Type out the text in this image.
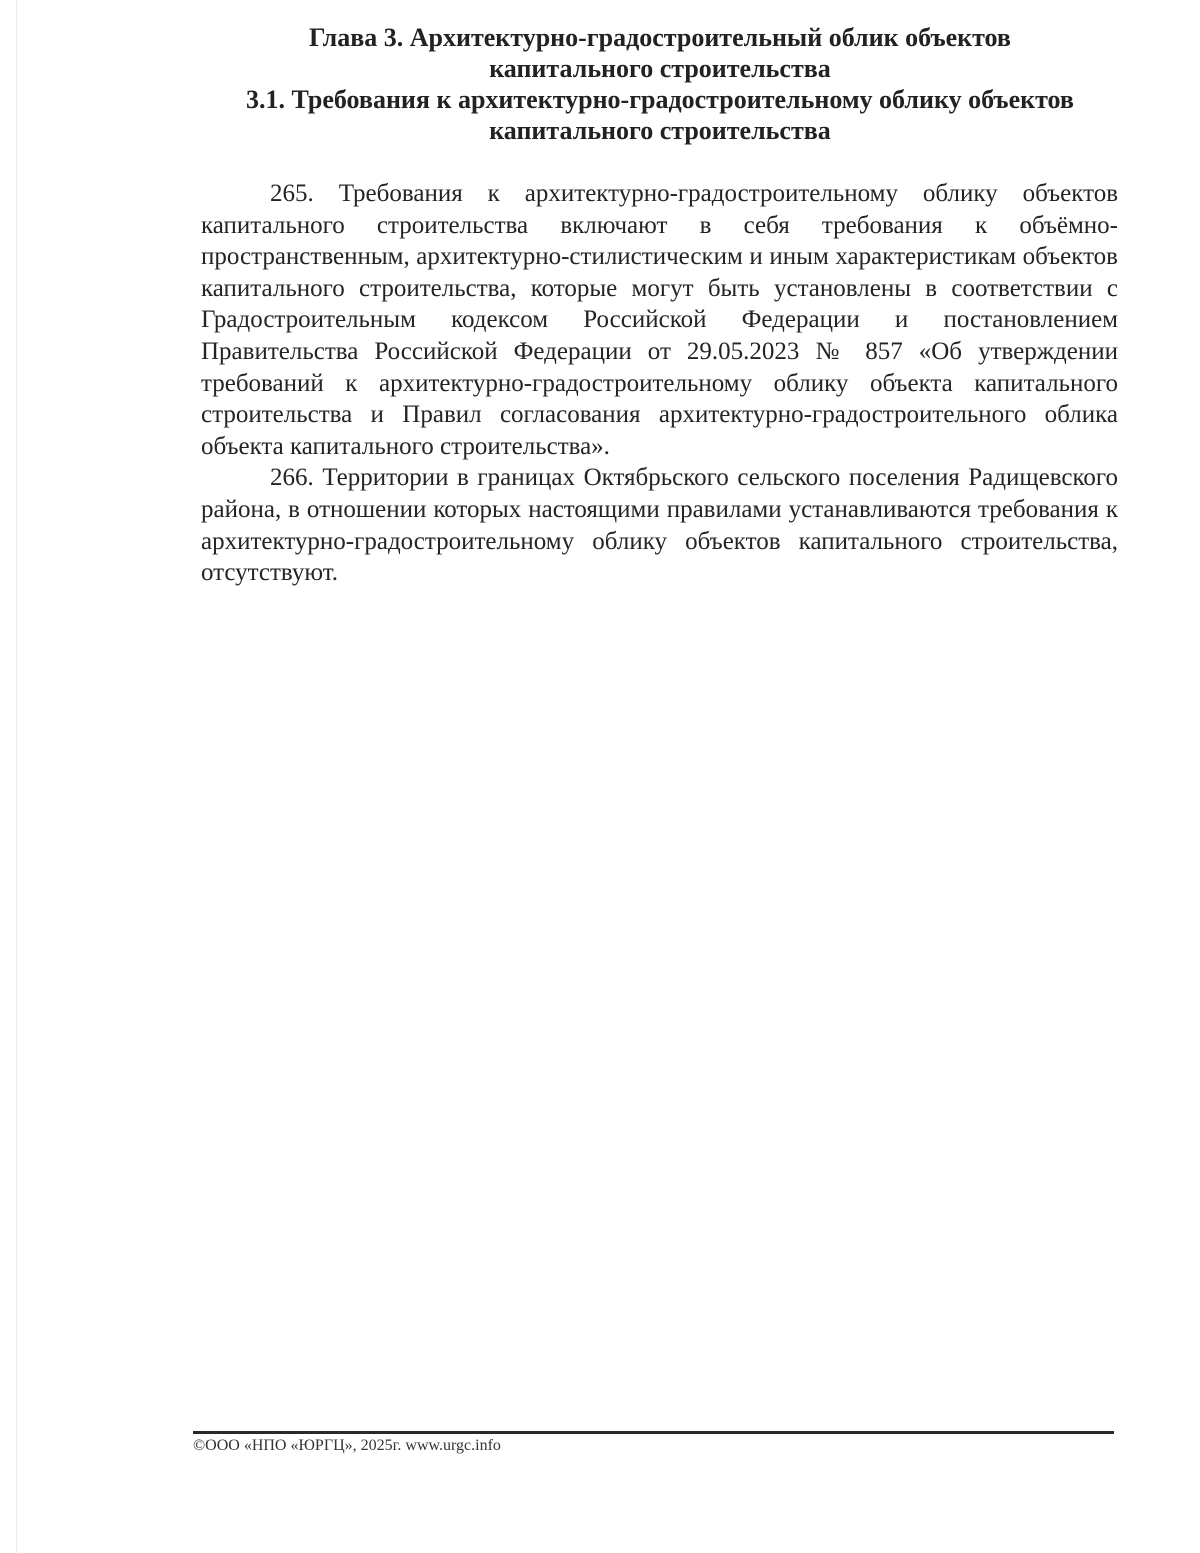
Глава 3. Архитектурно-градостроительный облик объектов
капитального строительства
3.1. Требования к архитектурно-градостроительному облику объектов
капитального строительства

265. Требования к архитектурно-градостроительному облику объектов капитального строительства включают в себя требования к объёмно-пространственным, архитектурно-стилистическим и иным характеристикам объектов капитального строительства, которые могут быть установлены в соответствии с Градостроительным кодексом Российской Федерации и постановлением Правительства Российской Федерации от 29.05.2023 № 857 «Об утверждении требований к архитектурно-градостроительному облику объекта капитального строительства и Правил согласования архитектурно-градостроительного облика объекта капитального строительства».

266. Территории в границах Октябрьского сельского поселения Радищевского района, в отношении которых настоящими правилами устанавливаются требования к архитектурно-градостроительному облику объектов капитального строительства, отсутствуют.

©ООО «НПО «ЮРГЦ», 2025г. www.urgc.info
